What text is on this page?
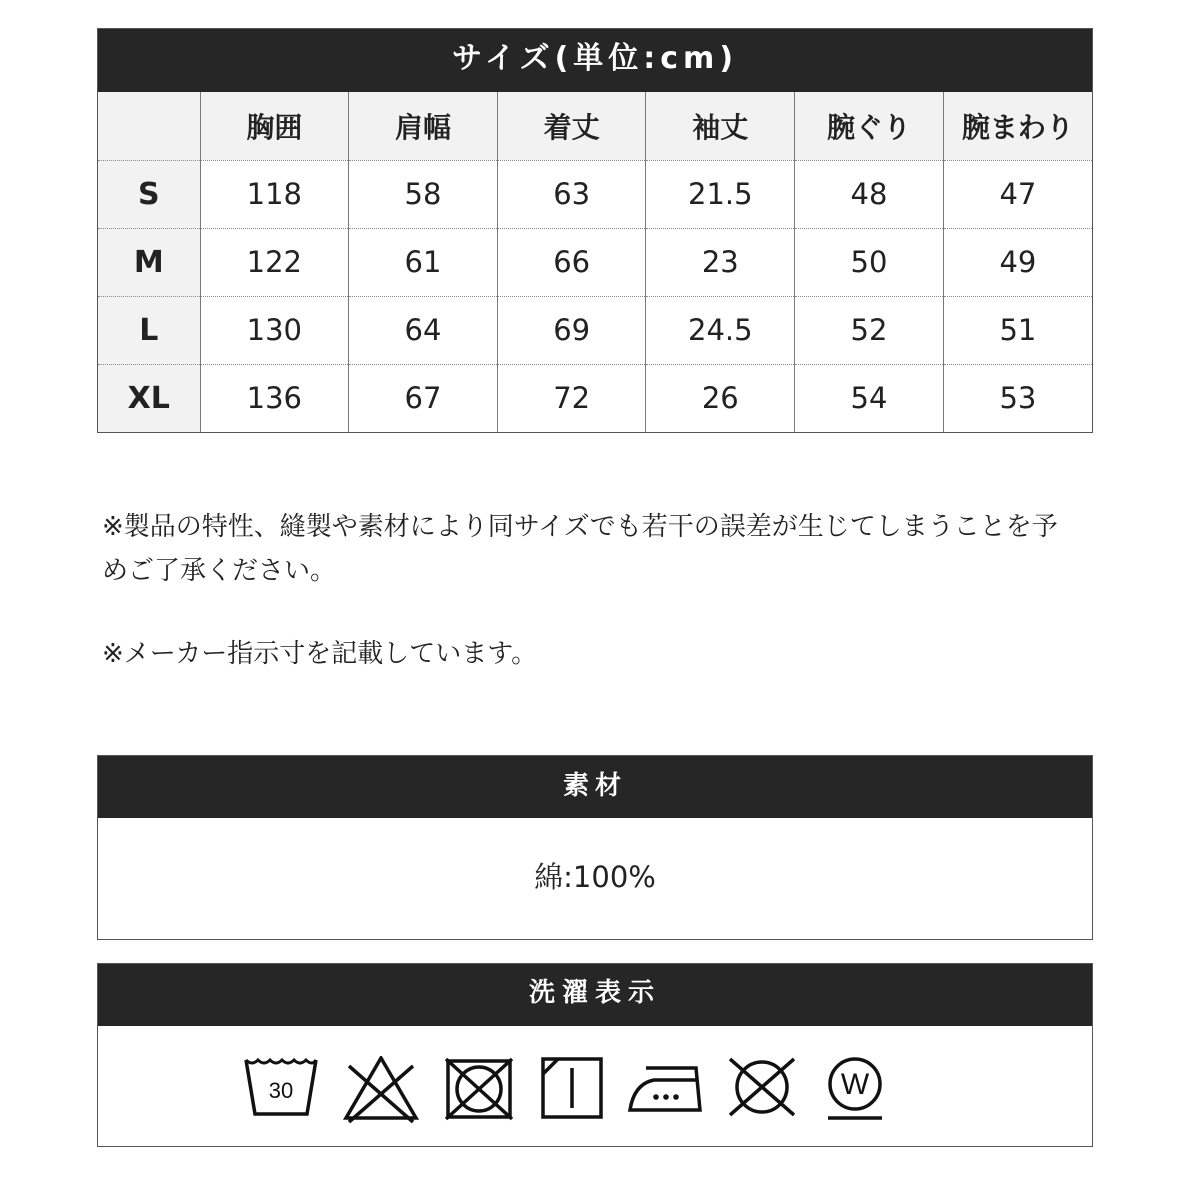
サイズ(単位:cm)
	胸囲	肩幅	着丈	袖丈	腕ぐり	腕まわり
S	118	58	63	21.5	48	47
M	122	61	66	23	50	49
L	130	64	69	24.5	52	51
XL	136	67	72	26	54	53
※製品の特性、縫製や素材により同サイズでも若干の誤差が生じてしまうことを予
めご了承ください。
※メーカー指示寸を記載しています。
素材
綿:100%
洗濯表示
30	W
